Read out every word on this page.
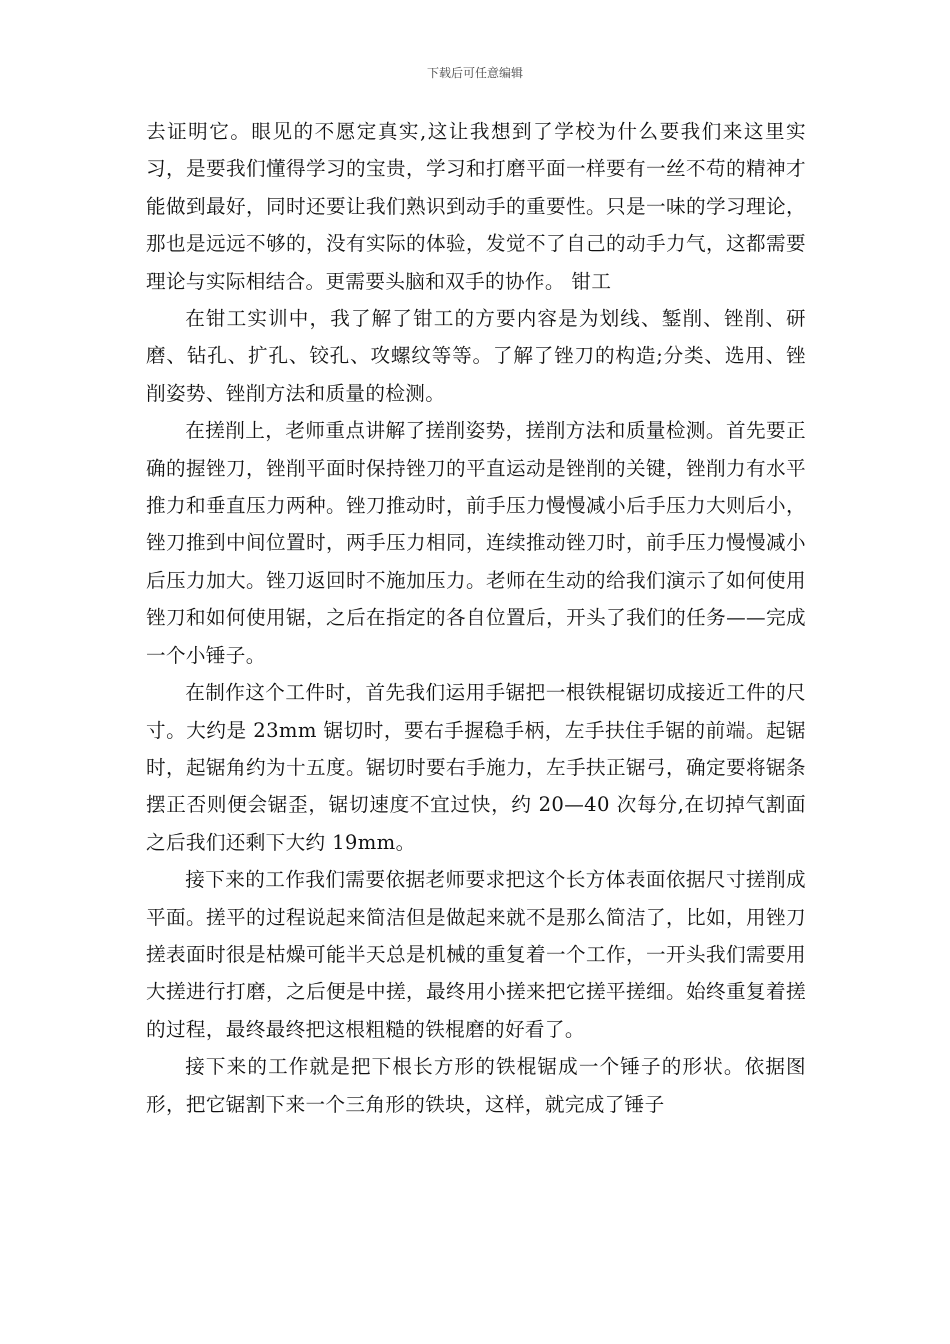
下载后可任意编辑

去证明它。眼见的不愿定真实,这让我想到了学校为什么要我们来这里实习，是要我们懂得学习的宝贵，学习和打磨平面一样要有一丝不苟的精神才能做到最好，同时还要让我们熟识到动手的重要性。只是一味的学习理论，那也是远远不够的，没有实际的体验，发觉不了自己的动手力气，这都需要理论与实际相结合。更需要头脑和双手的协作。 钳工

在钳工实训中，我了解了钳工的方要内容是为划线、錾削、锉削、研磨、钻孔、扩孔、铰孔、攻螺纹等等。了解了锉刀的构造;分类、选用、锉削姿势、锉削方法和质量的检测。

在搓削上，老师重点讲解了搓削姿势，搓削方法和质量检测。首先要正确的握锉刀，锉削平面时保持锉刀的平直运动是锉削的关键，锉削力有水平推力和垂直压力两种。锉刀推动时，前手压力慢慢减小后手压力大则后小，锉刀推到中间位置时，两手压力相同，连续推动锉刀时，前手压力慢慢减小后压力加大。锉刀返回时不施加压力。老师在生动的给我们演示了如何使用锉刀和如何使用锯，之后在指定的各自位置后，开头了我们的任务——完成一个小锤子。

在制作这个工件时，首先我们运用手锯把一根铁棍锯切成接近工件的尺寸。大约是 23mm 锯切时，要右手握稳手柄，左手扶住手锯的前端。起锯时，起锯角约为十五度。锯切时要右手施力，左手扶正锯弓，确定要将锯条摆正否则便会锯歪，锯切速度不宜过快，约 20—40 次每分,在切掉气割面之后我们还剩下大约 19mm。

接下来的工作我们需要依据老师要求把这个长方体表面依据尺寸搓削成平面。搓平的过程说起来简洁但是做起来就不是那么简洁了，比如，用锉刀搓表面时很是枯燥可能半天总是机械的重复着一个工作，一开头我们需要用大搓进行打磨，之后便是中搓，最终用小搓来把它搓平搓细。始终重复着搓的过程，最终最终把这根粗糙的铁棍磨的好看了。

接下来的工作就是把下根长方形的铁棍锯成一个锤子的形状。依据图形，把它锯割下来一个三角形的铁块，这样，就完成了锤子
